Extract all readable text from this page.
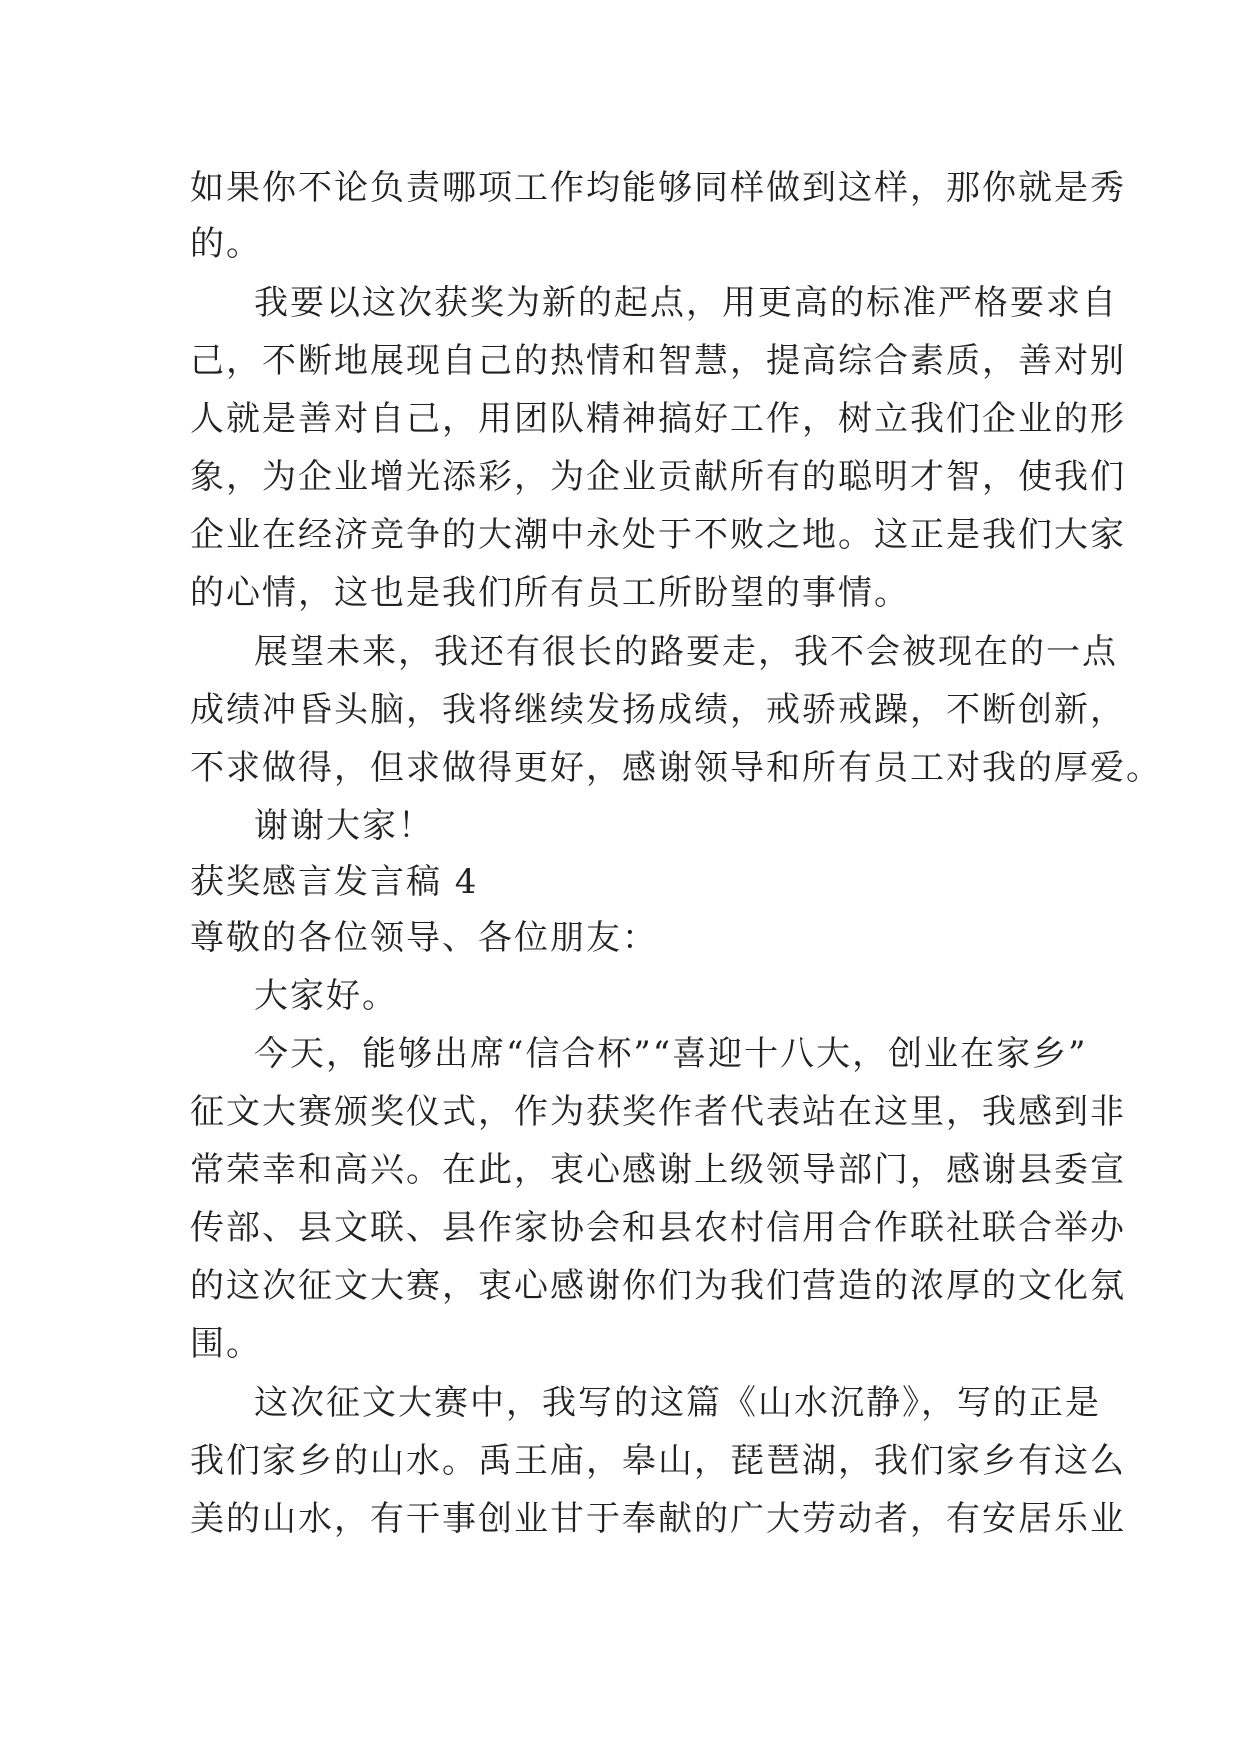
如果你不论负责哪项工作均能够同样做到这样，那你就是秀
的。
我要以这次获奖为新的起点，用更高的标准严格要求自
己，不断地展现自己的热情和智慧，提高综合素质，善对别
人就是善对自己，用团队精神搞好工作，树立我们企业的形
象，为企业增光添彩，为企业贡献所有的聪明才智，使我们
企业在经济竞争的大潮中永处于不败之地。这正是我们大家
的心情，这也是我们所有员工所盼望的事情。
展望未来，我还有很长的路要走，我不会被现在的一点
成绩冲昏头脑，我将继续发扬成绩，戒骄戒躁，不断创新，
不求做得，但求做得更好，感谢领导和所有员工对我的厚爱。
谢谢大家！
获奖感言发言稿 4
尊敬的各位领导、各位朋友：
大家好。
今天，能够出席“信合杯”“喜迎十八大，创业在家乡”
征文大赛颁奖仪式，作为获奖作者代表站在这里，我感到非
常荣幸和高兴。在此，衷心感谢上级领导部门，感谢县委宣
传部、县文联、县作家协会和县农村信用合作联社联合举办
的这次征文大赛，衷心感谢你们为我们营造的浓厚的文化氛
围。
这次征文大赛中，我写的这篇《山水沉静》，写的正是
我们家乡的山水。禹王庙，皋山，琵琶湖，我们家乡有这么
美的山水，有干事创业甘于奉献的广大劳动者，有安居乐业
